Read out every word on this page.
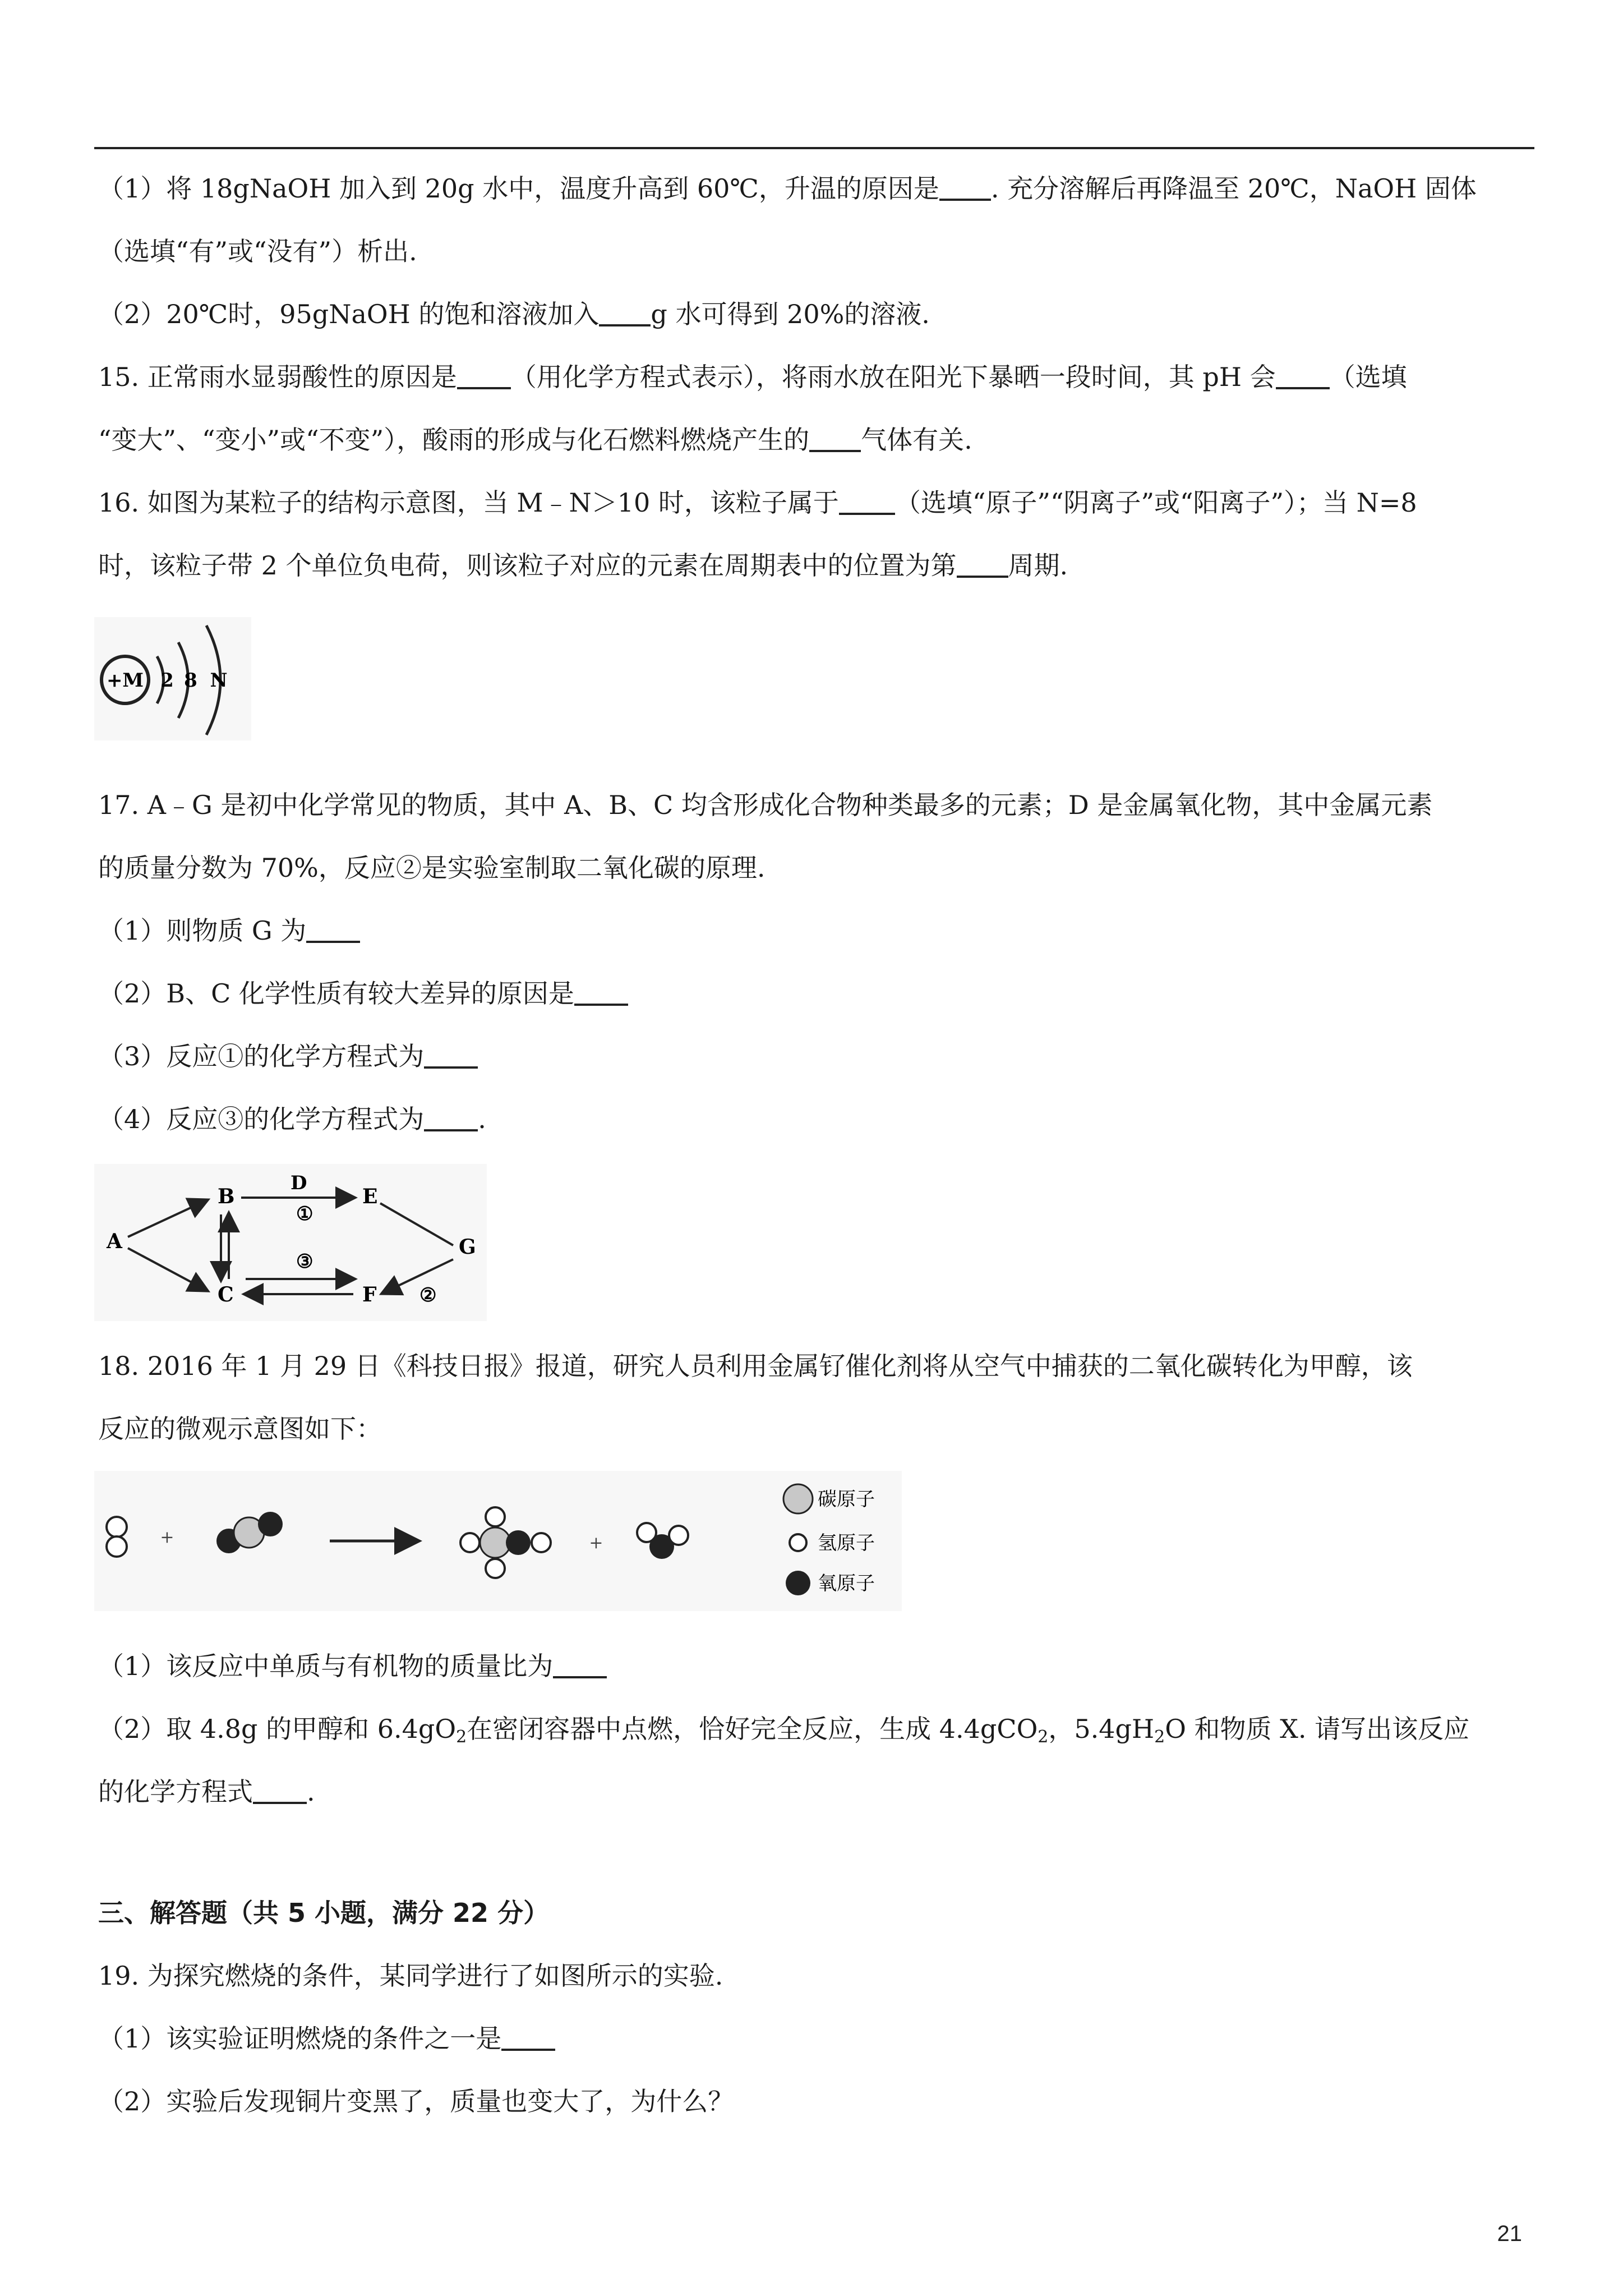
（1）将 18gNaOH 加入到 20g 水中，温度升高到 60℃，升温的原因是 . 充分溶解后再降温至 20℃，NaOH 固体
（选填“有”或“没有”）析出.
（2）20℃时，95gNaOH 的饱和溶液加入 g 水可得到 20%的溶液.
15. 正常雨水显弱酸性的原因是 （用化学方程式表示），将雨水放在阳光下暴晒一段时间，其 pH 会 （选填
“变大”、“变小”或“不变”），酸雨的形成与化石燃料燃烧产生的 气体有关.
16. 如图为某粒子的结构示意图，当 M﹣N＞10 时，该粒子属于 （选填“原子”“阴离子”或“阳离子”）；当 N=8
时，该粒子带 2 个单位负电荷，则该粒子对应的元素在周期表中的位置为第 周期.
+M 2 8 N
17. A﹣G 是初中化学常见的物质，其中 A、B、C 均含形成化合物种类最多的元素；D 是金属氧化物，其中金属元素
的质量分数为 70%，反应②是实验室制取二氧化碳的原理.
（1）则物质 G 为
（2）B、C 化学性质有较大差异的原因是
（3）反应①的化学方程式为
（4）反应③的化学方程式为 .
A
B
C
D
E
F
G
①
③
②
18. 2016 年 1 月 29 日《科技日报》报道，研究人员利用金属钌催化剂将从空气中捕获的二氧化碳转化为甲醇，该
反应的微观示意图如下：
+	+
碳原子
氢原子
氧原子
（1）该反应中单质与有机物的质量比为
（2）取 4.8g 的甲醇和 $6.4gO_2$在密闭容器中点燃，恰好完全反应，生成 4.4gCO$_2$，$5.4gH_2O$ 和物质 X. 请写出该反应
的化学方程式 .
三、解答题（共 5 小题，满分 22 分）
19. 为探究燃烧的条件，某同学进行了如图所示的实验.
（1）该实验证明燃烧的条件之一是
（2）实验后发现铜片变黑了，质量也变大了，为什么？
21
